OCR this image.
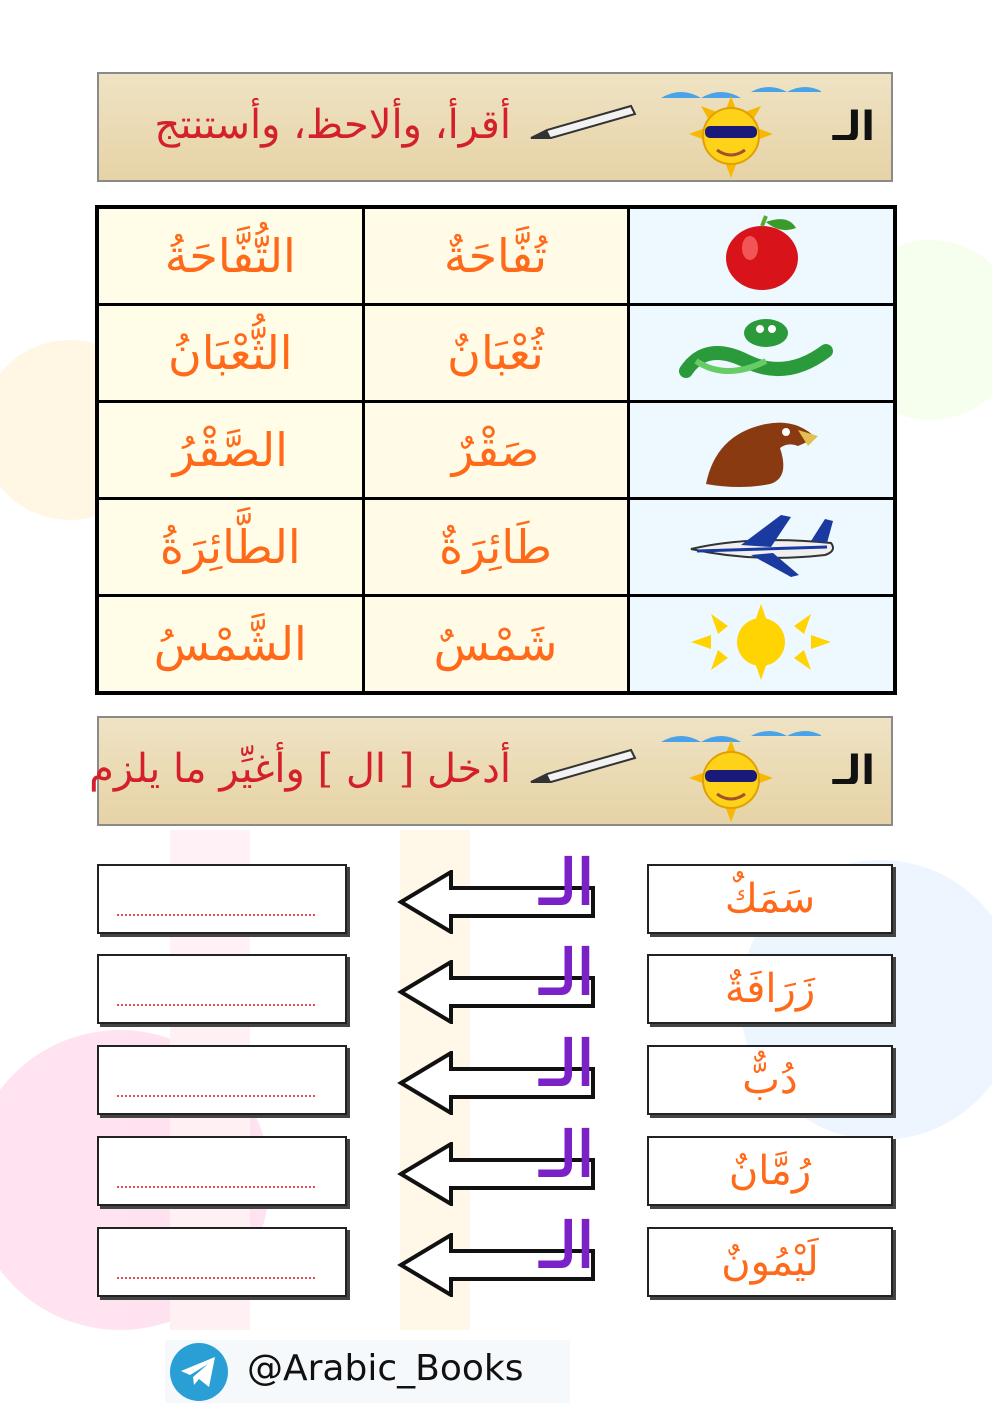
الـ
أقرأ، وألاحظ، وأستنتج
التُّفَّاحَةُ	تُفَّاحَةٌ	
الثُّعْبَانُ	ثُعْبَانٌ	
الصَّقْرُ	صَقْرٌ	
الطَّائِرَةُ	طَائِرَةٌ	
الشَّمْسُ	شَمْسٌ	
الـ
أدخل [ ال ] وأغيِّر ما يلزم
الـ	سَمَكٌ
الـ	زَرَافَةٌ
الـ	دُبٌّ
الـ	رُمَّانٌ
الـ	لَيْمُونٌ
@Arabic_Books
